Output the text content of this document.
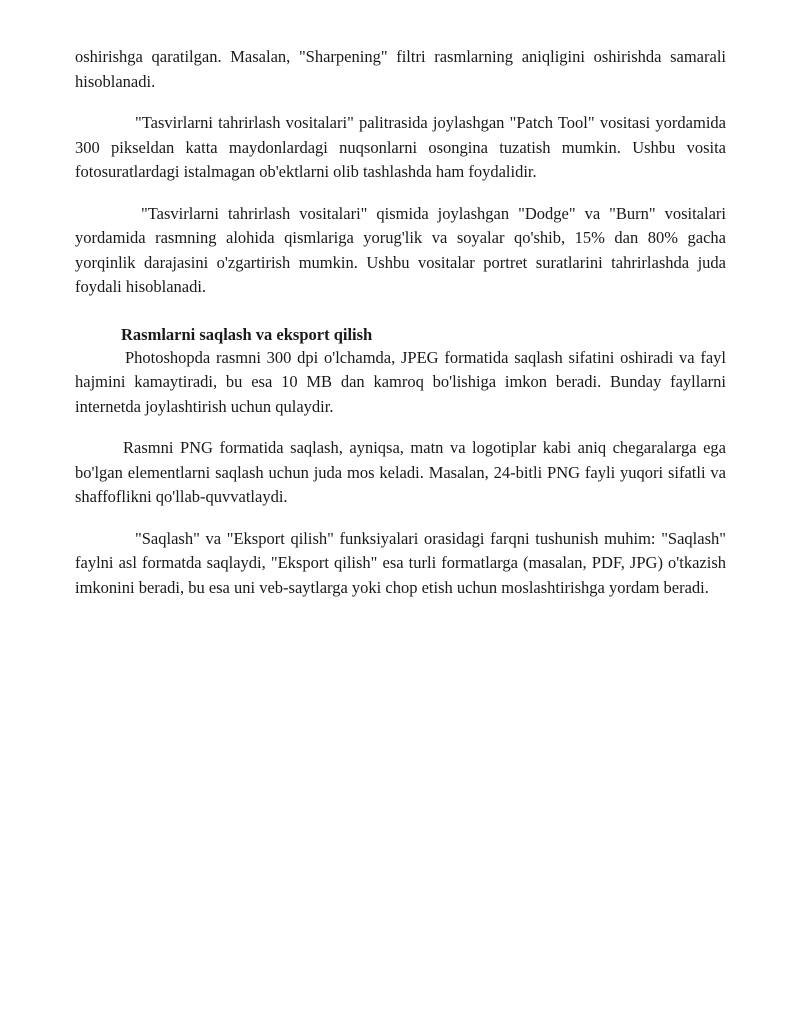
oshirishga qaratilgan. Masalan, "Sharpening" filtri rasmlarning aniqligini oshirishda samarali hisoblanadi.

"Tasvirlarni tahrirlash vositalari" palitrasida joylashgan "Patch Tool" vositasi yordamida 300 pikseldan katta maydonlardagi nuqsonlarni osongina tuzatish mumkin. Ushbu vosita fotosuratlardagi istalmagan ob'ektlarni olib tashlashda ham foydalidir.

"Tasvirlarni tahrirlash vositalari" qismida joylashgan "Dodge" va "Burn" vositalari yordamida rasmning alohida qismlariga yorug'lik va soyalar qo'shib, 15% dan 80% gacha yorqinlik darajasini o'zgartirish mumkin. Ushbu vositalar portret suratlarini tahrirlashda juda foydali hisoblanadi.

Rasmlarni saqlash va eksport qilish

Photoshopda rasmni 300 dpi o'lchamda, JPEG formatida saqlash sifatini oshiradi va fayl hajmini kamaytiradi, bu esa 10 MB dan kamroq bo'lishiga imkon beradi. Bunday fayllarni internetda joylashtirish uchun qulaydir.

Rasmni PNG formatida saqlash, ayniqsa, matn va logotiplar kabi aniq chegaralarga ega bo'lgan elementlarni saqlash uchun juda mos keladi. Masalan, 24-bitli PNG fayli yuqori sifatli va shaffoflikni qo'llab-quvvatlaydi.

"Saqlash" va "Eksport qilish" funksiyalari orasidagi farqni tushunish muhim: "Saqlash" faylni asl formatda saqlaydi, "Eksport qilish" esa turli formatlarga (masalan, PDF, JPG) o'tkazish imkonini beradi, bu esa uni veb-saytlarga yoki chop etish uchun moslashtirishga yordam beradi.
